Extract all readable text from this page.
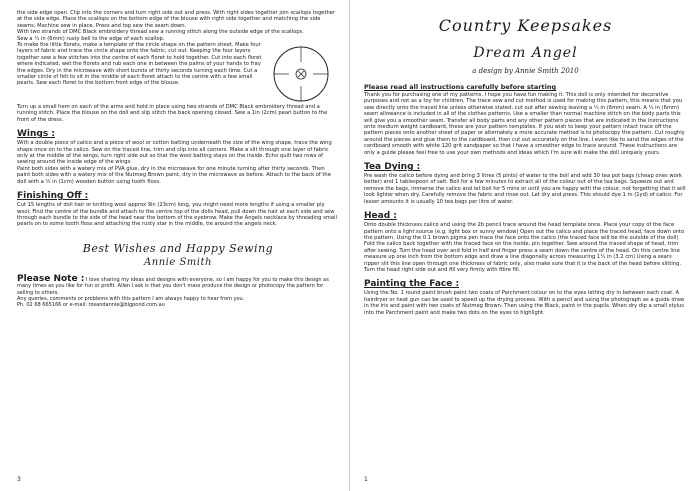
the side edge open. Clip into the corners and turn right side out and press. With right sides together join scallops together at the side edge. Place the scallops on the bottom edge of the blouse with right side together and matching the side seams. Machine sew in place. Press and top sew the seam down.

With two strands of DMC Black embroidery thread sew a running stitch along the outside edge of the scallops.

Sew a ¼ in (6mm) rusty bell to the edge of each scallop.

To make the little florets, make a template of the circle shape on the pattern sheet. Make four layers of fabric and trace the circle shape onto the fabric, cut out. Keeping the four layers together sew a few stitches into the centre of each floret to hold together. Cut into each floret where indicated, wet the florets and rub each one in between the palms of your hands to fray the edges. Dry in the microwave with short bursts of thirty seconds turning each time. Cut a smaller circle of felt to sit in the middle of each floret attach to the centre with a few small pearls. Sew each floret to the bottom front edge of the blouse.

Turn up a small hem on each of the arms and hold in place using two strands of DMC Black embroidery thread and a running stitch. Place the blouse on the doll and slip stitch the back opening closed. Sew a 1in (2cm) pearl button to the front of the dress.

Wings :

With a double piece of calico and a piece of wool or cotton batting underneath the size of the wing shape, trace the wing shape once on to the calico. Sew on the traced line, trim and clip into all corners. Make a slit through one layer of fabric only at the middle of the wings, turn right side out so that the wool batting stays on the inside. Echo quilt two rows of sewing around the inside edge of the wings.

Paint both sides with a watery mix of PVA glue, dry in the microwave for one minute turning after thirty seconds. Then paint both sides with a watery mix of the Nutmeg Brown paint, dry in the microwave as before. Attach to the back of the doll with a ¼ in (1cm) wooden button using tooth floss.

Finishing Off :

Cut 15 lengths of doll hair or knitting wool approx 9in (23cm) long, you might need more lengths if using a smaller ply wool. Find the centre of the bundle and attach to the centre top of the dolls head, pull down the hair at each side and sew through each bundle to the side of the head near the bottom of the eyebrow. Make the Angels necklace by threading small pearls on to some tooth floss and attaching the rusty star in the middle, tie around the angels neck.

Best Wishes and Happy Sewing
Annie Smith

Please Note : I love sharing my ideas and designs with everyone, so I am happy for you to make this design as many times as you like for fun or profit. Allen I ask is that you don't mass produce the design or photocopy the pattern for selling to others.

Any queries, comments or problems with this pattern I am always happy to hear from you.

Ph. 02 68 665166 or e-mail: rosandannie@bigpond.com.au

3
Country Keepsakes
Dream Angel
a design by Annie Smith 2010
Please read all instructions carefully before starting

Thank you for purchasing one of my patterns, I hope you have fun making it. This doll is only intended for decorative purposes and not as a toy for children. The trace sew and cut method is used for making this pattern, this means that you sew directly onto the traced line unless otherwise stated, cut out after sewing leaving a ¼ in (6mm) seam. A ¼ in (6mm) seam allowance is included in all of the clothes patterns. Use a smaller than normal machine stitch on the body parts this will give you a smoother seam. Transfer all body parts and any other pattern pieces that are indicated in the instructions onto medium weight cardboard, these are your pattern templates. If you wish to keep your pattern intact trace off the pattern pieces onto another sheet of paper or alternately a more accurate method is to photocopy the pattern. Cut roughly around the pieces and glue them to the cardboard, then cut out accurately on the line, I even like to sand the edges of the cardboard smooth with white 120 grit sandpaper so that I have a smoother edge to trace around. These instructions are only a guide please feel free to use your own methods and ideas which I'm sure will make the doll uniquely yours.

Tea Dying :

Pre wash the calico before dying and bring 3 litres (5 pints) of water to the boil and add 30 tea pot bags (cheap ones work better) and 1 tablespoon of salt. Boil for a few minutes to extract all of the colour out of the tea bags. Squeeze out and remove the bags, immerse the calico and let boil for 5 mins or until you are happy with the colour, not forgetting that it will look lighter when dry. Carefully remove the fabric and rinse out. Let dry and press. This should dye 1 m (1yd) of calico. For lesser amounts it is usually 10 tea bags per litre of water.

Head :

Onto double thickness calico and using the 2b pencil trace around the head template once. Place your copy of the face pattern onto a light source (e.g. light box or sunny window) Open out the calico and place the traced head, face down onto the pattern. Using the 0.1 brown pigma pen trace the face onto the calico (the traced face will be the outside of the doll) Fold the calico back together with the traced face on the inside, pin together. Sew around the traced shape of head, trim after sewing. Turn the head over and fold in half and finger press a seam down the centre of the head. On this centre line measure up one inch from the bottom edge and draw a line diagonally across measuring 1¼ in (3.2 cm) Using a sears ripper slit this line open through one thickness of fabric only, also make sure that it is the back of the head before slitting. Turn the head right side out and fill very firmly with fibre fill.

Painting the Face :

Using the No. 1 round paint brush paint two coats of Parchment colour on to the eyes letting dry in between each coat. A hairdryer or heat gun can be used to speed up the drying process. With a pencil and using the photograph as a guide draw in the iris and paint with two coats of Nutmeg Brown. Then using the Black, paint in the pupils. When dry dip a small stylus into the Parchment paint and make two dots on the eyes to highlight.

1
